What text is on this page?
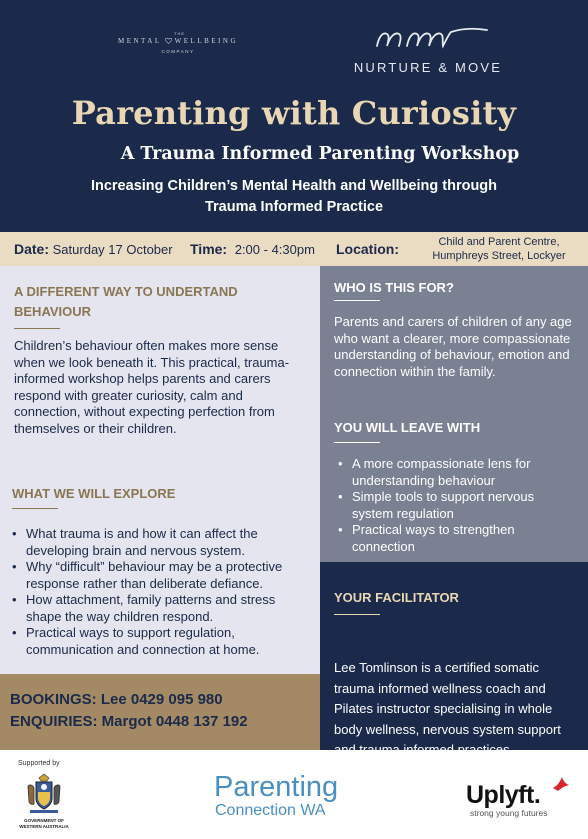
THE
MENTAL WELLBEING
COMPANY
NURTURE & MOVE
Parenting with Curiosity
A Trauma Informed Parenting Workshop
Increasing Children’s Mental Health and Wellbeing through
Trauma Informed Practice
Date: Saturday 17 October Time: 2:00 - 4:30pm Location:	Child and Parent Centre,
Humphreys Street, Lockyer
A DIFFERENT WAY TO UNDERTAND
BEHAVIOUR

Children’s behaviour often makes more sense when we look beneath it. This practical, trauma-informed workshop helps parents and carers respond with greater curiosity, calm and connection, without expecting perfection from themselves or their children.

WHAT WE WILL EXPLORE
• What trauma is and how it can affect the developing brain and nervous system.
• Why “difficult” behaviour may be a protective response rather than deliberate defiance.
• How attachment, family patterns and stress shape the way children respond.
• Practical ways to support regulation, communication and connection at home.
WHO IS THIS FOR?

Parents and carers of children of any age who want a clearer, more compassionate understanding of behaviour, emotion and connection within the family.

YOU WILL LEAVE WITH
• A more compassionate lens for understanding behaviour
• Simple tools to support nervous system regulation
• Practical ways to strengthen connection
YOUR FACILITATOR

Lee Tomlinson is a certified somatic trauma informed wellness coach and Pilates instructor specialising in whole body wellness, nervous system support

BOOKINGS: Lee 0429 095 980
ENQUIRIES: Margot 0448 137 192
Supported by
GOVERNMENT OF
WESTERN AUSTRALIA
Parenting
Connection WA
Uplyft.
strong young futures
